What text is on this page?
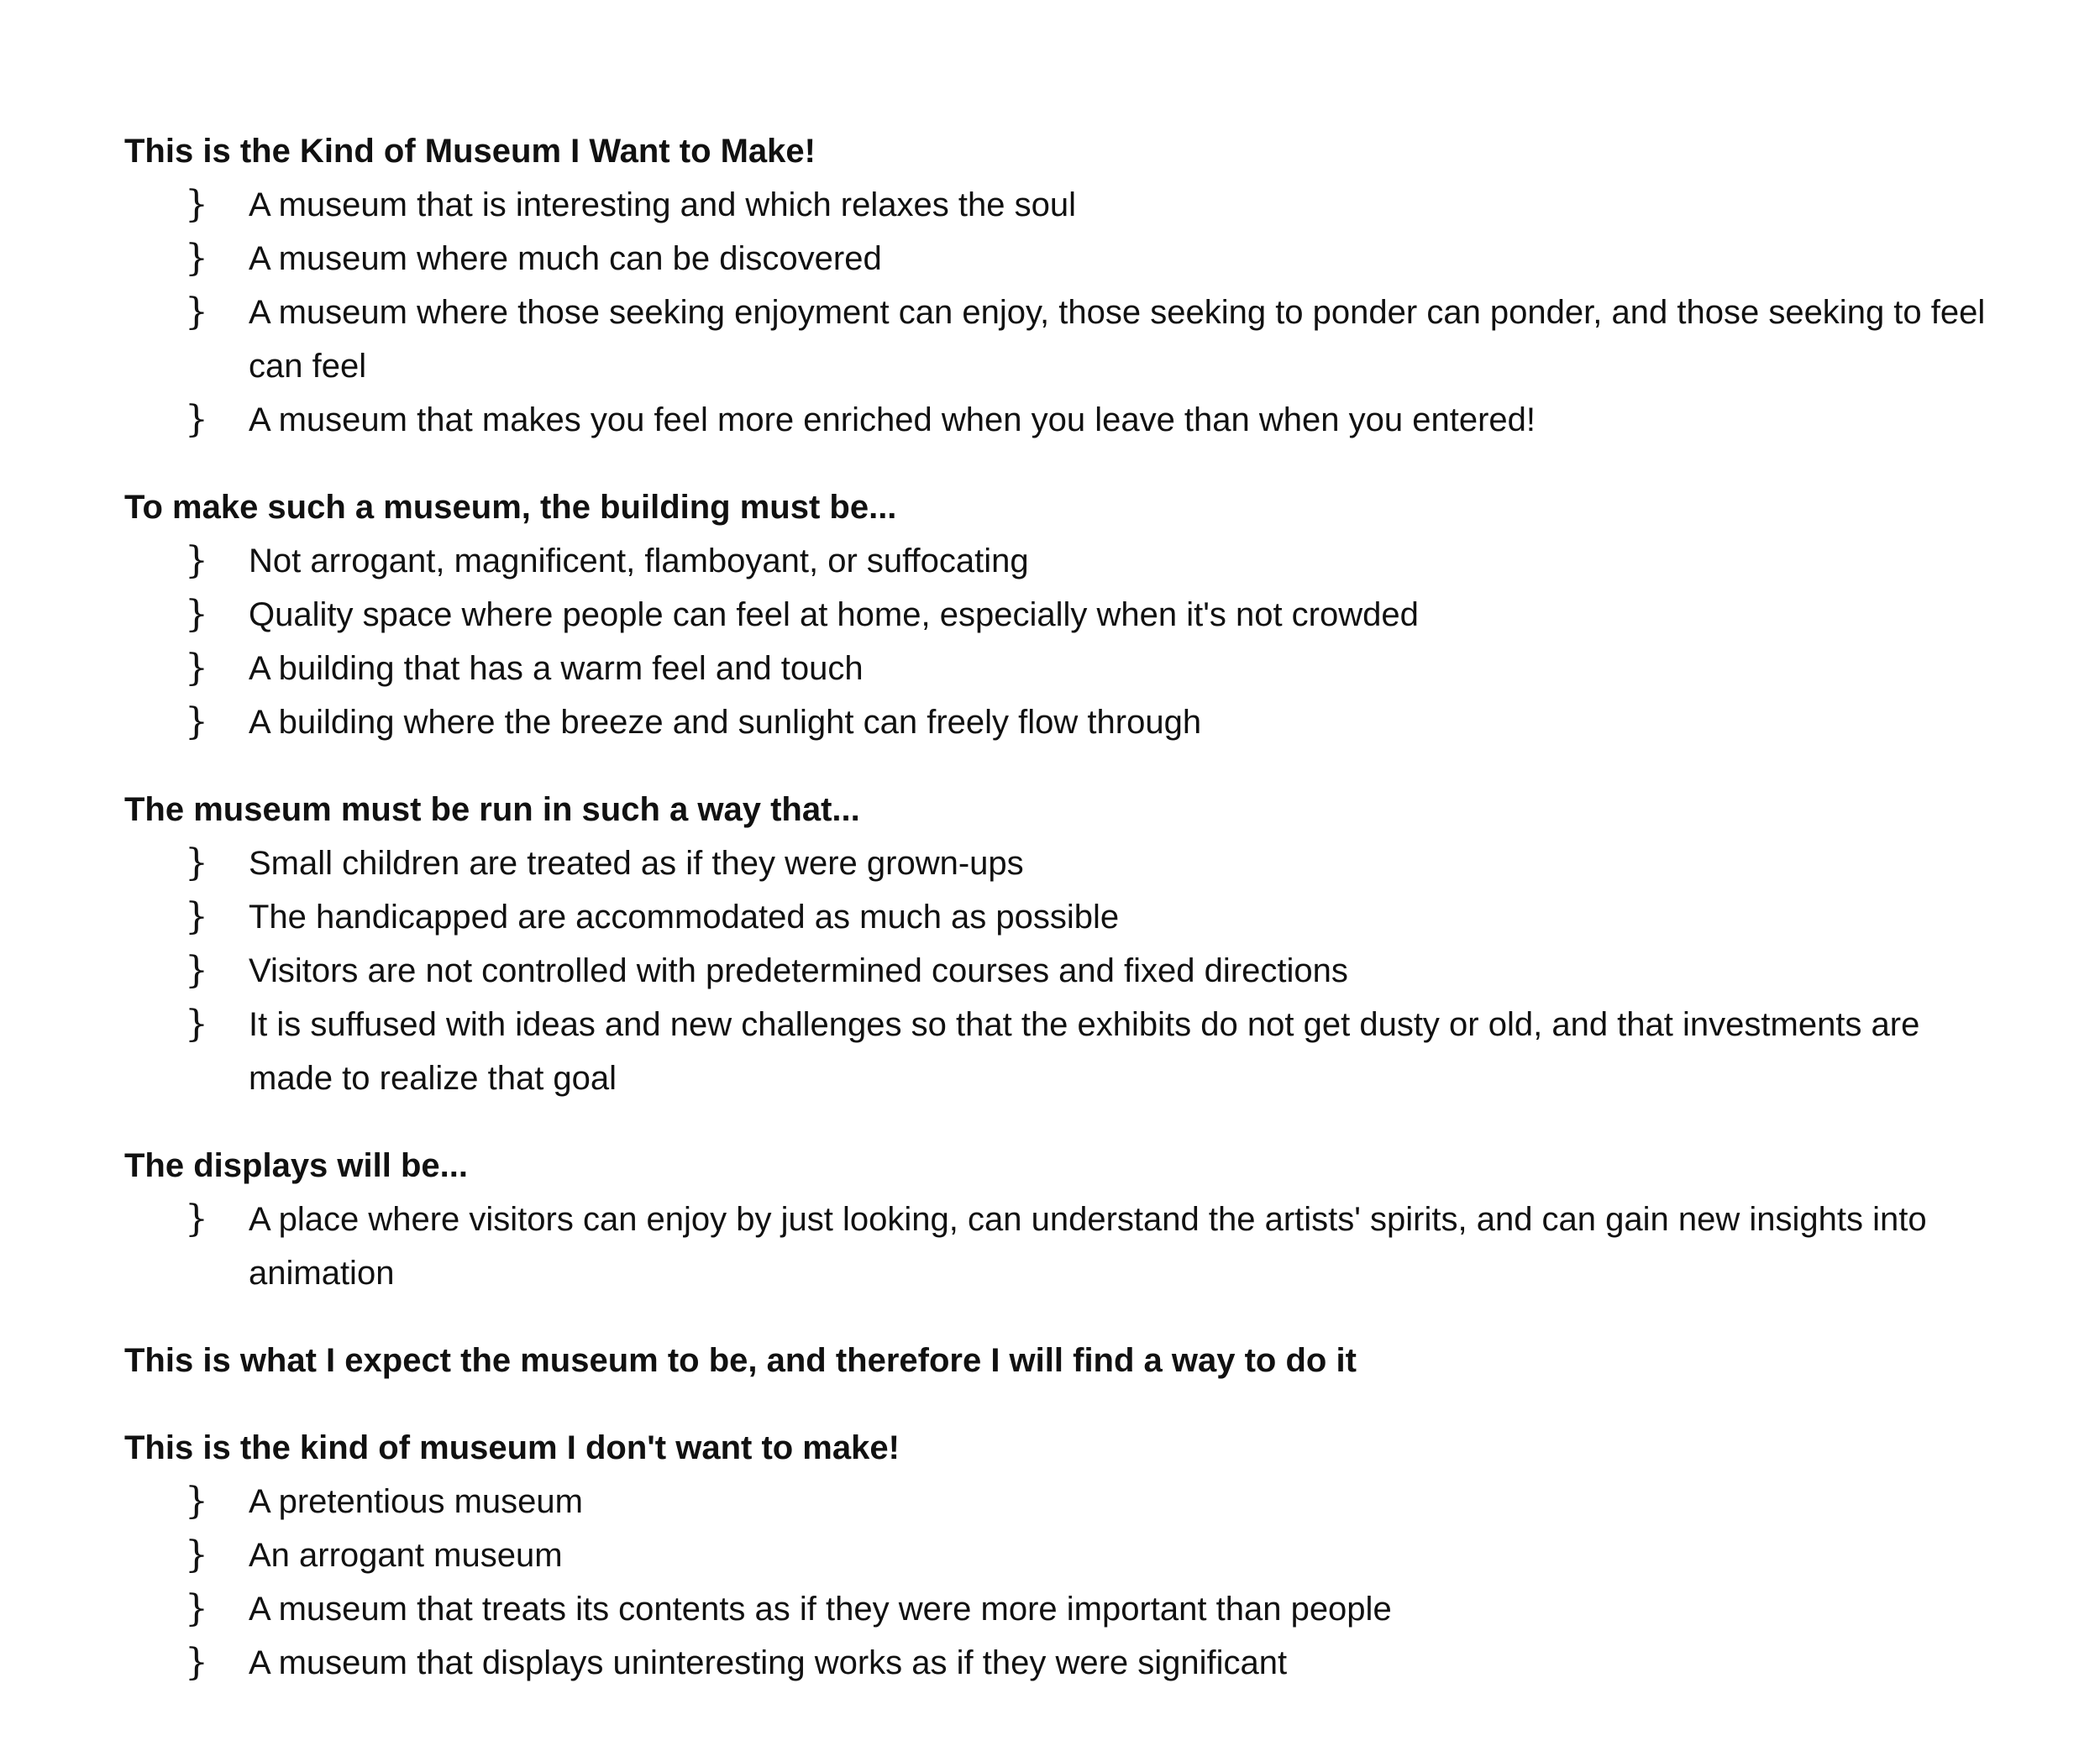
This is the Kind of Museum I Want to Make!

} A museum that is interesting and which relaxes the soul
} A museum where much can be discovered
} A museum where those seeking enjoyment can enjoy, those seeking to ponder can ponder, and those seeking to feel can feel
} A museum that makes you feel more enriched when you leave than when you entered!

To make such a museum, the building must be...

} Not arrogant, magnificent, flamboyant, or suffocating
} Quality space where people can feel at home, especially when it's not crowded
} A building that has a warm feel and touch
} A building where the breeze and sunlight can freely flow through

The museum must be run in such a way that...

} Small children are treated as if they were grown-ups
} The handicapped are accommodated as much as possible
} Visitors are not controlled with predetermined courses and fixed directions
} It is suffused with ideas and new challenges so that the exhibits do not get dusty or old, and that investments are made to realize that goal

The displays will be...

} A place where visitors can enjoy by just looking, can understand the artists' spirits, and can gain new insights into animation

This is what I expect the museum to be, and therefore I will find a way to do it

This is the kind of museum I don't want to make!

} A pretentious museum
} An arrogant museum
} A museum that treats its contents as if they were more important than people
} A museum that displays uninteresting works as if they were significant
